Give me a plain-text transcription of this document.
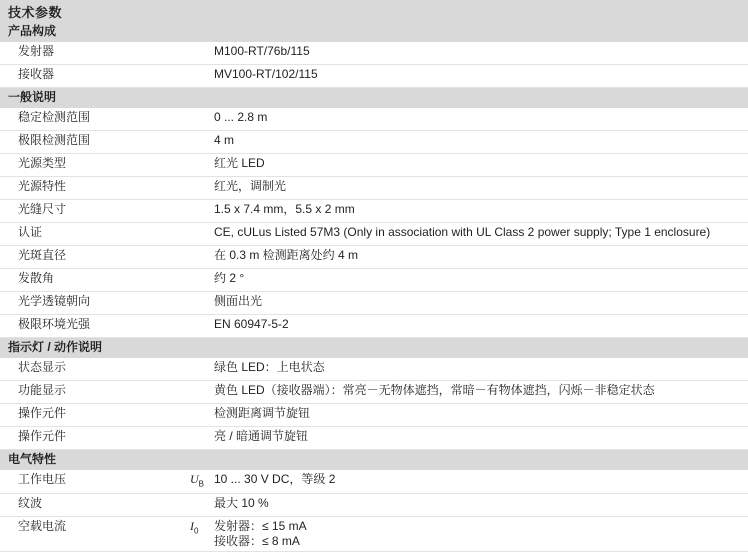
技术参数
产品构成		
发射器		M100-RT/76b/115

接收器		MV100-RT/102/115

一般说明		
稳定检测范围		0 ... 2.8 m

极限检测范围		4 m

光源类型		红光 LED

光源特性		红光，调制光

光缝尺寸		1.5 x 7.4 mm，5.5 x 2 mm

认证		CE, cULus Listed 57M3 (Only in association with UL Class 2 power supply; Type 1 enclosure)

光斑直径		在 0.3 m 检测距离处约 4 m

发散角		约 2 °

光学透镜朝向		侧面出光

极限环境光强		EN 60947-5-2

指示灯 / 动作说明		
状态显示		绿色 LED：上电状态

功能显示		黄色 LED（接收器端）：常亮－无物体遮挡，常暗－有物体遮挡，闪烁－非稳定状态

操作元件		检测距离调节旋钮

操作元件		亮 / 暗通调节旋钮

电气特性		
工作电压	$U_B$	10 ... 30 V DC，等级 2

纹波		最大 10 %

空载电流	$I_0$	发射器：≤ 15 mA
接收器：≤ 8 mA
